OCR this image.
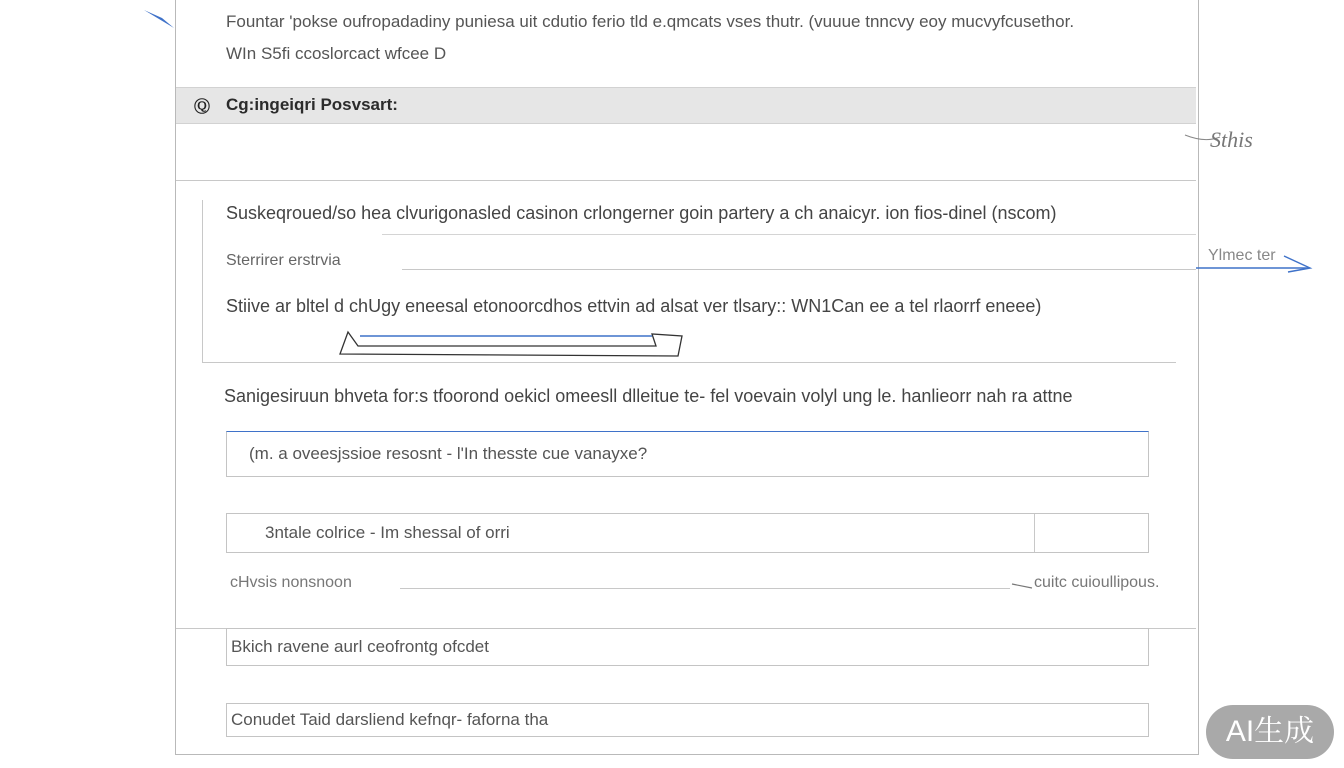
Fountar 'pokse oufropadadiny puniesa uit cdutio ferio tld e.qmcats vses thutr. (vuuue tnncvy eoy mucvyfcusethor.
WIn S5fi ccoslorcact wfcee D
Ⓠ Cg:ingeiqri Posvsart:
Sthis
Suskeqroued/so hea clvurigonasled casinon crlongerner goin partery a ch anaicyr. ion fios-dinel (nscom)
Sterrirer erstrvia	Ylmec ter
Stiive ar bltel d chUgy eneesal etonoorcdhos ettvin ad alsat ver tlsary:: WN1Can ee a tel rlaorrf eneee)
Sanigesiruun bhveta for:s tfoorond oekicl omeesll dlleitue te- fel voevain volyl ung le. hanlieorr nah ra attne
(m. a oveesjssioe resosnt - l'In thesste cue vanayxe?
3ntale colrice - Im shessal of orri
cHvsis nonsnoon	cuitc cuioullipous.
Bkich ravene aurl ceofrontg ofcdet
Conudet Taid darsliend kefnqr- faforna tha	AI生成
